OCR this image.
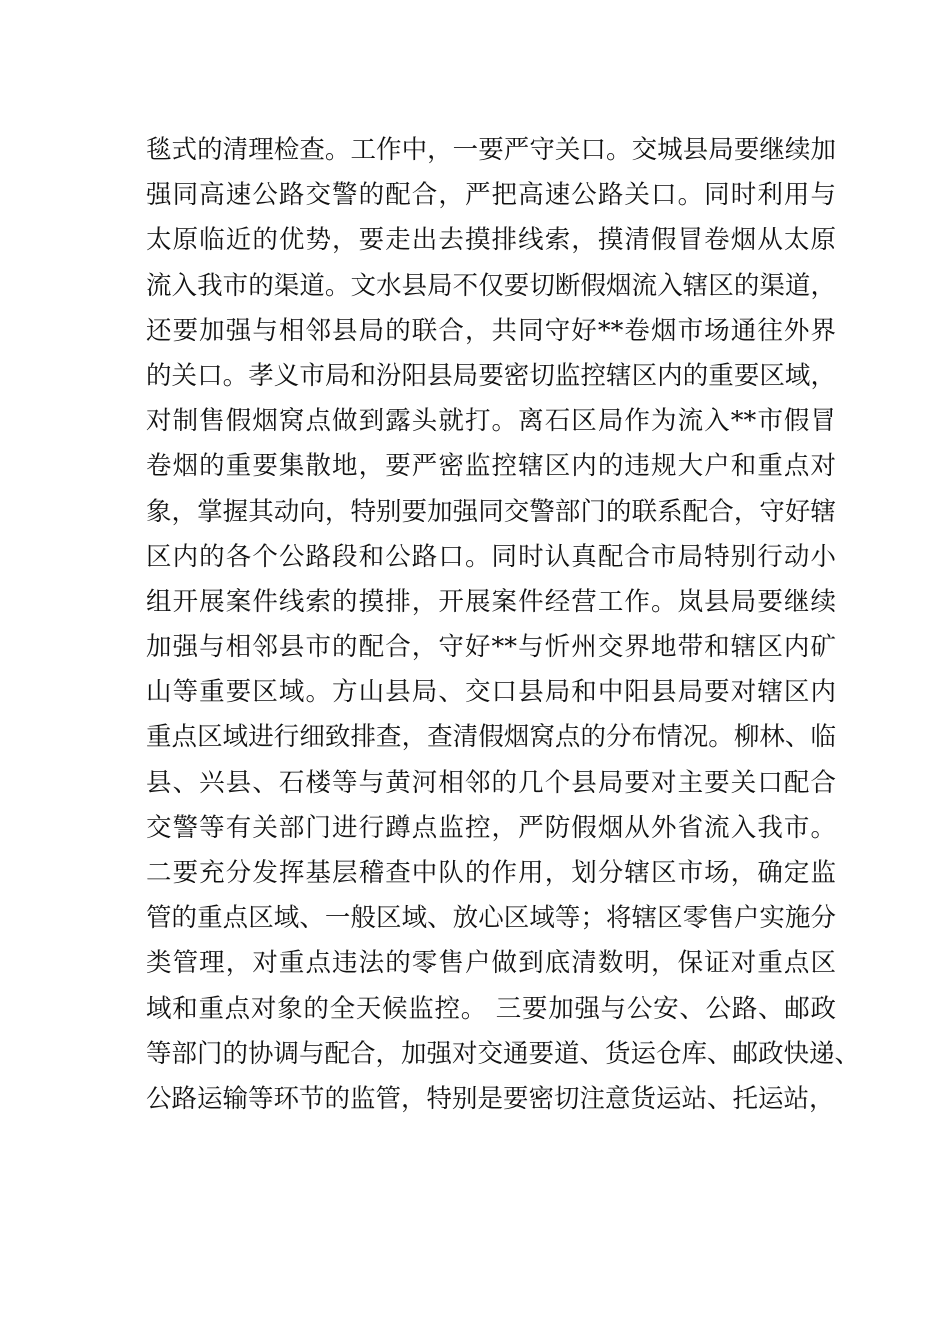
毯式的清理检查。工作中，一要严守关口。交城县局要继续加
强同高速公路交警的配合，严把高速公路关口。同时利用与
太原临近的优势，要走出去摸排线索，摸清假冒卷烟从太原
流入我市的渠道。文水县局不仅要切断假烟流入辖区的渠道，
还要加强与相邻县局的联合，共同守好**卷烟市场通往外界
的关口。孝义市局和汾阳县局要密切监控辖区内的重要区域，
对制售假烟窝点做到露头就打。离石区局作为流入**市假冒
卷烟的重要集散地，要严密监控辖区内的违规大户和重点对
象，掌握其动向，特别要加强同交警部门的联系配合，守好辖
区内的各个公路段和公路口。同时认真配合市局特别行动小
组开展案件线索的摸排，开展案件经营工作。岚县局要继续
加强与相邻县市的配合，守好**与忻州交界地带和辖区内矿
山等重要区域。方山县局、交口县局和中阳县局要对辖区内
重点区域进行细致排查，查清假烟窝点的分布情况。柳林、临
县、兴县、石楼等与黄河相邻的几个县局要对主要关口配合
交警等有关部门进行蹲点监控，严防假烟从外省流入我市。
二要充分发挥基层稽查中队的作用，划分辖区市场，确定监
管的重点区域、一般区域、放心区域等；将辖区零售户实施分
类管理，对重点违法的零售户做到底清数明，保证对重点区
域和重点对象的全天候监控。 三要加强与公安、公路、邮政
等部门的协调与配合，加强对交通要道、货运仓库、邮政快递、
公路运输等环节的监管，特别是要密切注意货运站、托运站，
